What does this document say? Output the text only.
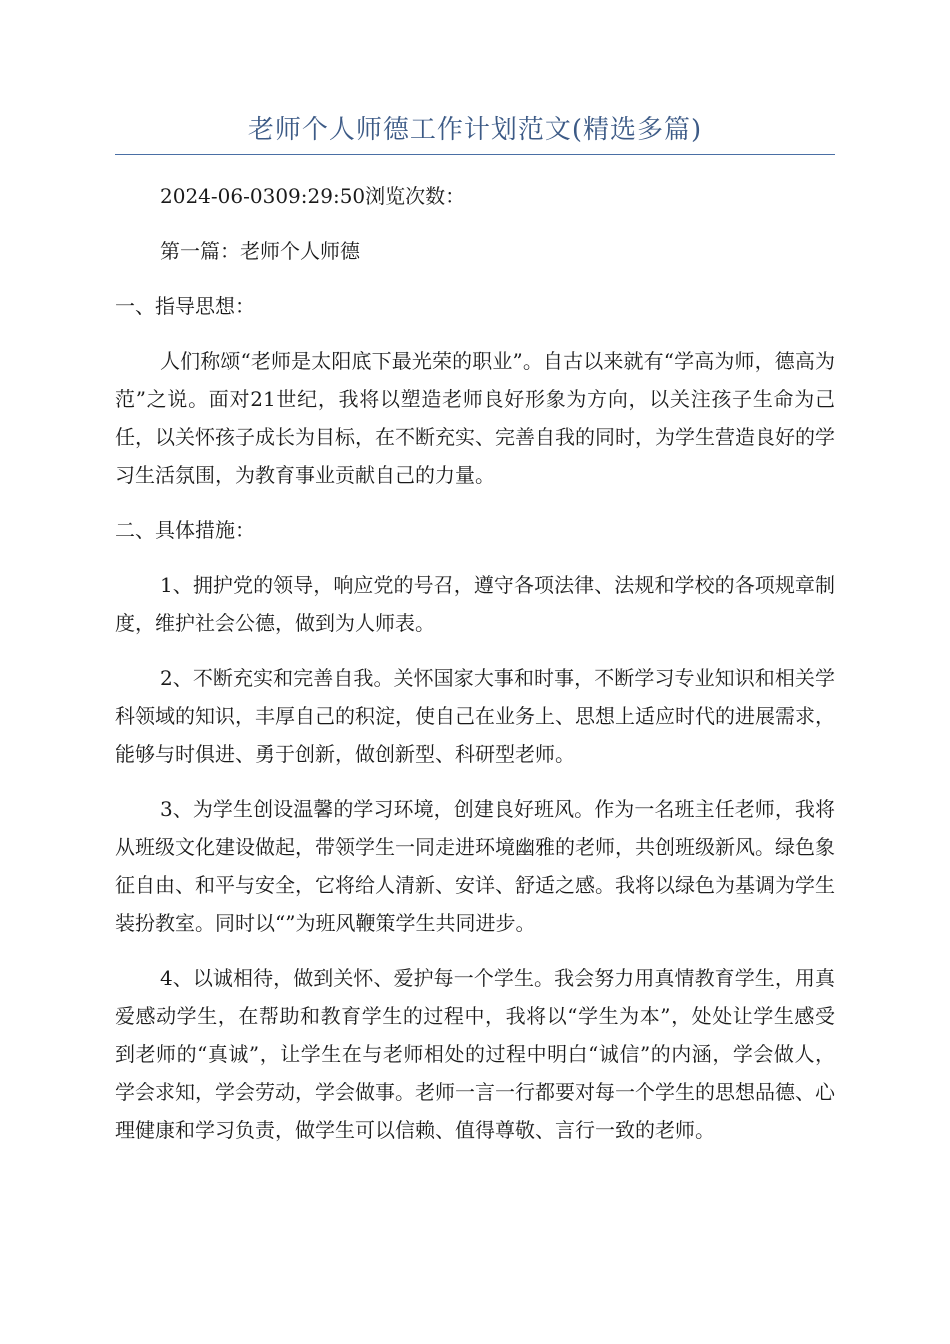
老师个人师德工作计划范文(精选多篇)

2024-06-0309:29:50浏览次数：

第一篇：老师个人师德

一、指导思想：

人们称颂“老师是太阳底下最光荣的职业”。自古以来就有“学高为师，德高为范”之说。面对21世纪，我将以塑造老师良好形象为方向，以关注孩子生命为己任，以关怀孩子成长为目标，在不断充实、完善自我的同时，为学生营造良好的学习生活氛围，为教育事业贡献自己的力量。

二、具体措施：

1、拥护党的领导，响应党的号召，遵守各项法律、法规和学校的各项规章制度，维护社会公德，做到为人师表。

2、不断充实和完善自我。关怀国家大事和时事，不断学习专业知识和相关学科领域的知识，丰厚自己的积淀，使自己在业务上、思想上适应时代的进展需求，能够与时俱进、勇于创新，做创新型、科研型老师。

3、为学生创设温馨的学习环境，创建良好班风。作为一名班主任老师，我将从班级文化建设做起，带领学生一同走进环境幽雅的老师，共创班级新风。绿色象征自由、和平与安全，它将给人清新、安详、舒适之感。我将以绿色为基调为学生装扮教室。同时以“”为班风鞭策学生共同进步。

4、以诚相待，做到关怀、爱护每一个学生。我会努力用真情教育学生，用真爱感动学生，在帮助和教育学生的过程中，我将以“学生为本”，处处让学生感受到老师的“真诚”，让学生在与老师相处的过程中明白“诚信”的内涵，学会做人，学会求知，学会劳动，学会做事。老师一言一行都要对每一个学生的思想品德、心理健康和学习负责，做学生可以信赖、值得尊敬、言行一致的老师。
